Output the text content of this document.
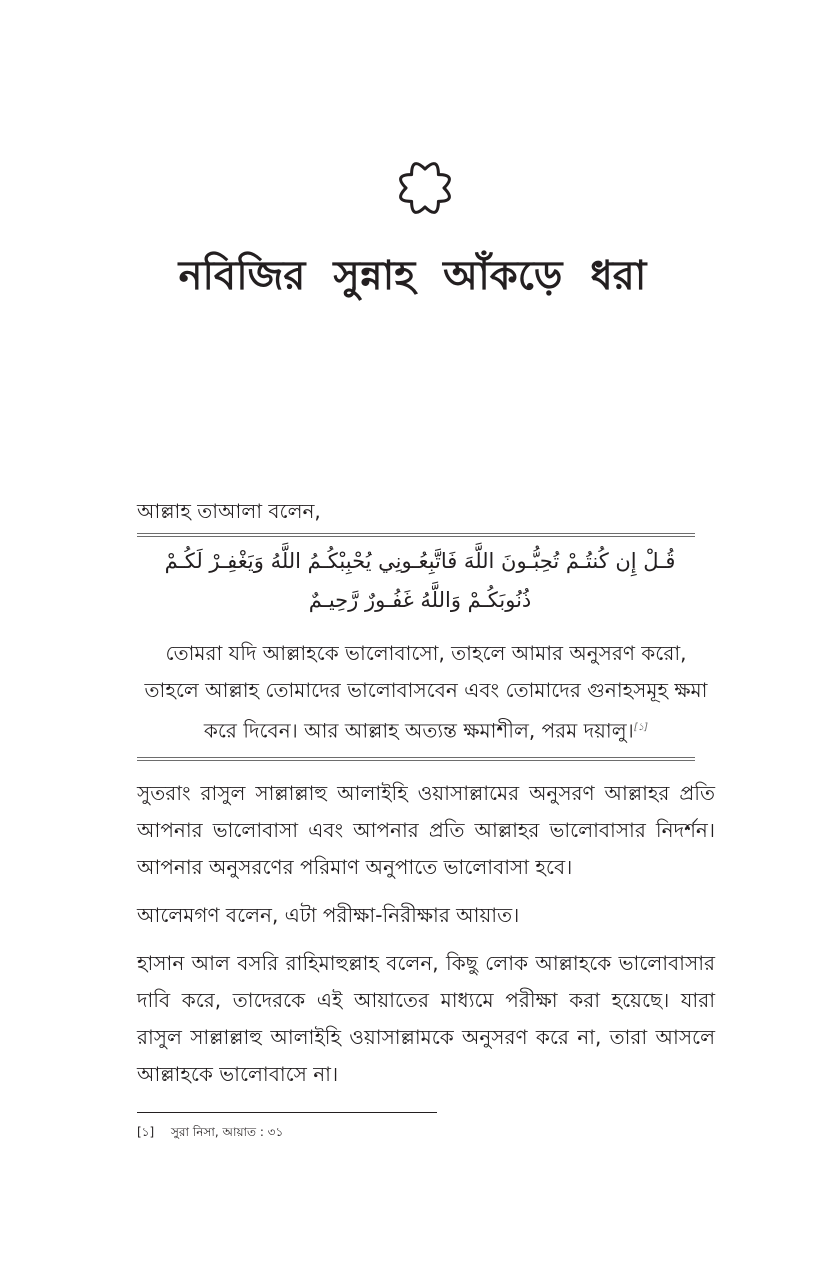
নবিজির সুন্নাহ আঁকড়ে ধরা

আল্লাহ তাআলা বলেন,

قُـلْ إِن كُنتُـمْ تُحِبُّـونَ اللَّهَ فَاتَّبِعُـونِي يُحْبِبْكُـمُ اللَّهُ وَيَغْفِـرْ لَكُـمْ ذُنُوبَكُـمْ وَاللَّهُ غَفُـورٌ رَّحِيـمٌ
তোমরা যদি আল্লাহকে ভালোবাসো, তাহলে আমার অনুসরণ করো, তাহলে আল্লাহ তোমাদের ভালোবাসবেন এবং তোমাদের গুনাহসমূহ ক্ষমা করে দিবেন। আর আল্লাহ অত্যন্ত ক্ষমাশীল, পরম দয়ালু।[১]

সুতরাং রাসুল সাল্লাল্লাহু আলাইহি ওয়াসাল্লামের অনুসরণ আল্লাহর প্রতি আপনার ভালোবাসা এবং আপনার প্রতি আল্লাহর ভালোবাসার নিদর্শন। আপনার অনুসরণের পরিমাণ অনুপাতে ভালোবাসা হবে।

আলেমগণ বলেন, এটা পরীক্ষা-নিরীক্ষার আয়াত।

হাসান আল বসরি রাহিমাহুল্লাহ বলেন, কিছু লোক আল্লাহকে ভালোবাসার দাবি করে, তাদেরকে এই আয়াতের মাধ্যমে পরীক্ষা করা হয়েছে। যারা রাসুল সাল্লাল্লাহু আলাইহি ওয়াসাল্লামকে অনুসরণ করে না, তারা আসলে আল্লাহকে ভালোবাসে না।

[১] সুরা নিসা, আয়াত : ৩১
